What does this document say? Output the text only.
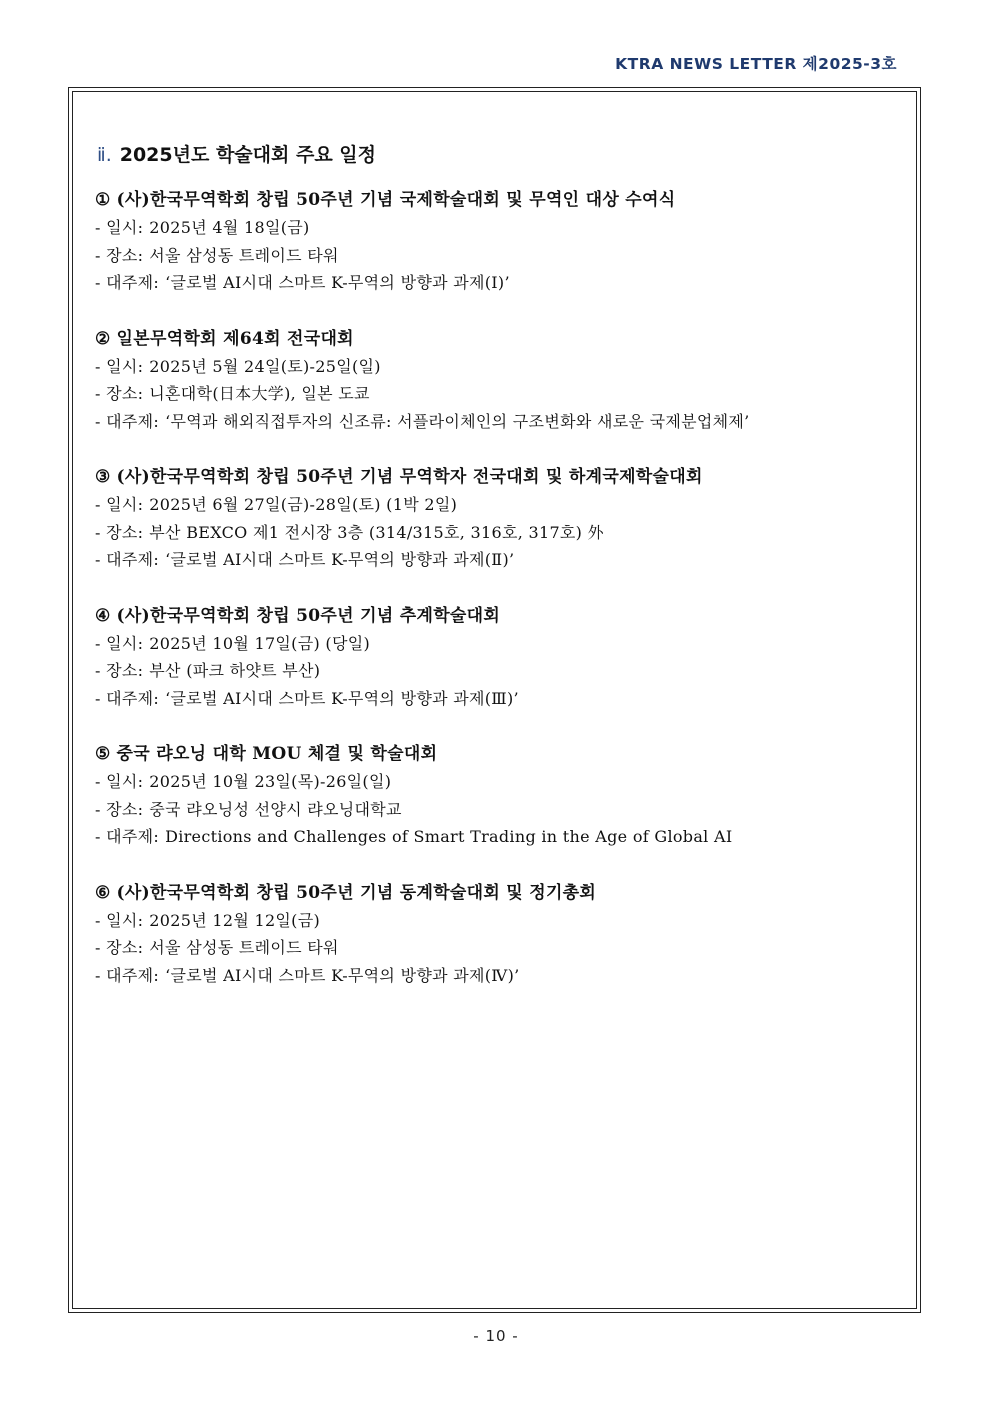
KTRA NEWS LETTER 제2025-3호
ⅱ. 2025년도 학술대회 주요 일정
① (사)한국무역학회 창립 50주년 기념 국제학술대회 및 무역인 대상 수여식
- 일시: 2025년 4월 18일(금)
- 장소: 서울 삼성동 트레이드 타워
- 대주제: ‘글로벌 AI시대 스마트 K-무역의 방향과 과제(Ⅰ)’
② 일본무역학회 제64회 전국대회
- 일시: 2025년 5월 24일(토)-25일(일)
- 장소: 니혼대학(日本大学), 일본 도쿄
- 대주제: ‘무역과 해외직접투자의 신조류: 서플라이체인의 구조변화와 새로운 국제분업체제’
③ (사)한국무역학회 창립 50주년 기념 무역학자 전국대회 및 하계국제학술대회
- 일시: 2025년 6월 27일(금)-28일(토) (1박 2일)
- 장소: 부산 BEXCO 제1 전시장 3층 (314/315호, 316호, 317호) 外
- 대주제: ‘글로벌 AI시대 스마트 K-무역의 방향과 과제(Ⅱ)’
④ (사)한국무역학회 창립 50주년 기념 추계학술대회
- 일시: 2025년 10월 17일(금) (당일)
- 장소: 부산 (파크 하얏트 부산)
- 대주제: ‘글로벌 AI시대 스마트 K-무역의 방향과 과제(Ⅲ)’
⑤ 중국 랴오닝 대학 MOU 체결 및 학술대회
- 일시: 2025년 10월 23일(목)-26일(일)
- 장소: 중국 랴오닝성 선양시 랴오닝대학교
- 대주제: Directions and Challenges of Smart Trading in the Age of Global AI
⑥ (사)한국무역학회 창립 50주년 기념 동계학술대회 및 정기총회
- 일시: 2025년 12월 12일(금)
- 장소: 서울 삼성동 트레이드 타워
- 대주제: ‘글로벌 AI시대 스마트 K-무역의 방향과 과제(Ⅳ)’
- 10 -
